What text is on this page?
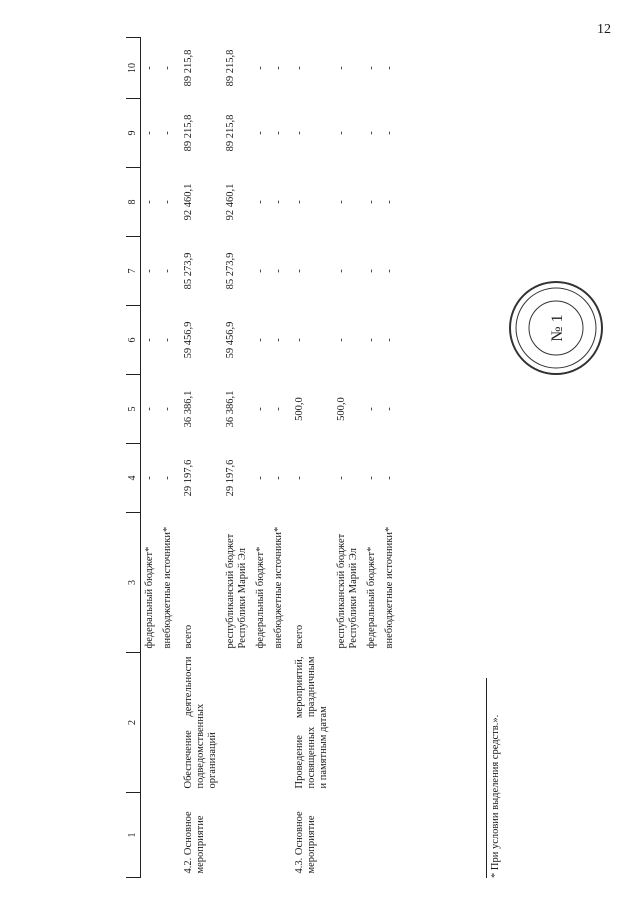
12
1	2	3	4	5	6	7	8	9	10
		федеральный бюджет*	-	-	-	-	-	-	-
		внебюджетные источники*	-	-	-	-	-	-	-
4.2. Основное мероприятие	Обеспечение деятельности подведомственных организаций	всего	29 197,6	36 386,1	59 456,9	85 273,9	92 460,1	89 215,8	89 215,8
		республиканский бюджет Республики Марий Эл	29 197,6	36 386,1	59 456,9	85 273,9	92 460,1	89 215,8	89 215,8
		федеральный бюджет*	-	-	-	-	-	-	-
		внебюджетные источники*	-	-	-	-	-	-	-
4.3. Основное мероприятие	Проведение мероприятий, посвященных праздничным и памятным датам	всего	-	500,0	-	-	-	-	-
		республиканский бюджет Республики Марий Эл	-	500,0	-	-	-	-	-
		федеральный бюджет*	-	-	-	-	-	-	-
		внебюджетные источники*	-	-	-	-	-	-	-
* При условии выделения средств.».
№ 1
